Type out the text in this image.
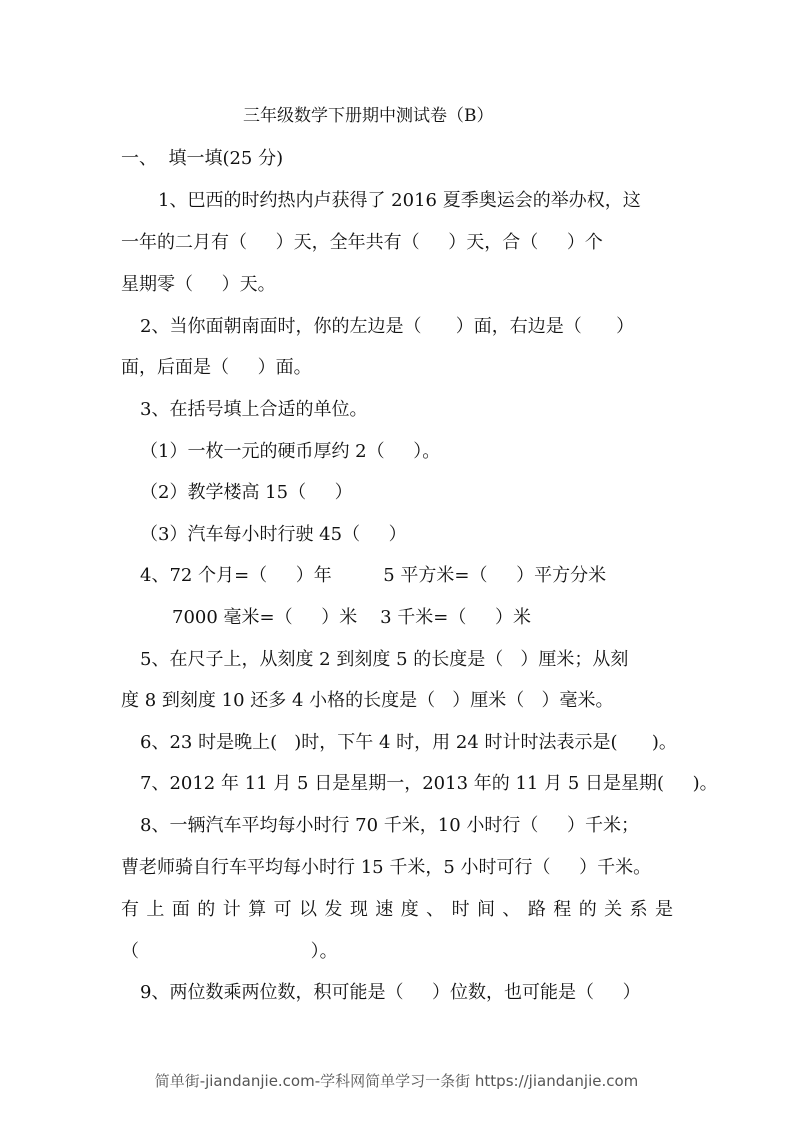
三年级数学下册期中测试卷（B）
一、  填一填(25 分)
1、巴西的时约热内卢获得了 2016 夏季奥运会的举办权，这
一年的二月有（     ）天，全年共有（     ）天，合（     ）个
星期零（     ）天。
2、当你面朝南面时，你的左边是（      ）面，右边是（      ）
面，后面是（     ）面。
3、在括号填上合适的单位。
（1）一枚一元的硬币厚约 2（     ）。
（2）教学楼高 15（     ）
（3）汽车每小时行驶 45（     ）
4、72 个月=（     ）年         5 平方米=（     ）平方分米
7000 毫米=（     ）米    3 千米=（     ）米
5、在尺子上，从刻度 2 到刻度 5 的长度是（   ）厘米；从刻
度 8 到刻度 10 还多 4 小格的长度是（   ）厘米（   ）毫米。
6、23 时是晚上(   )时，下午 4 时，用 24 时计时法表示是(      )。
7、2012 年 11 月 5 日是星期一，2013 年的 11 月 5 日是星期(     )。
8、一辆汽车平均每小时行 70 千米，10 小时行（     ）千米；
曹老师骑自行车平均每小时行 15 千米，5 小时可行（     ）千米。
有上面的计算可以发现速度、时间、路程的关系是
（                              ）。
9、两位数乘两位数，积可能是（     ）位数，也可能是（     ）
简单街-jiandanjie.com-学科网简单学习一条街 https://jiandanjie.com
